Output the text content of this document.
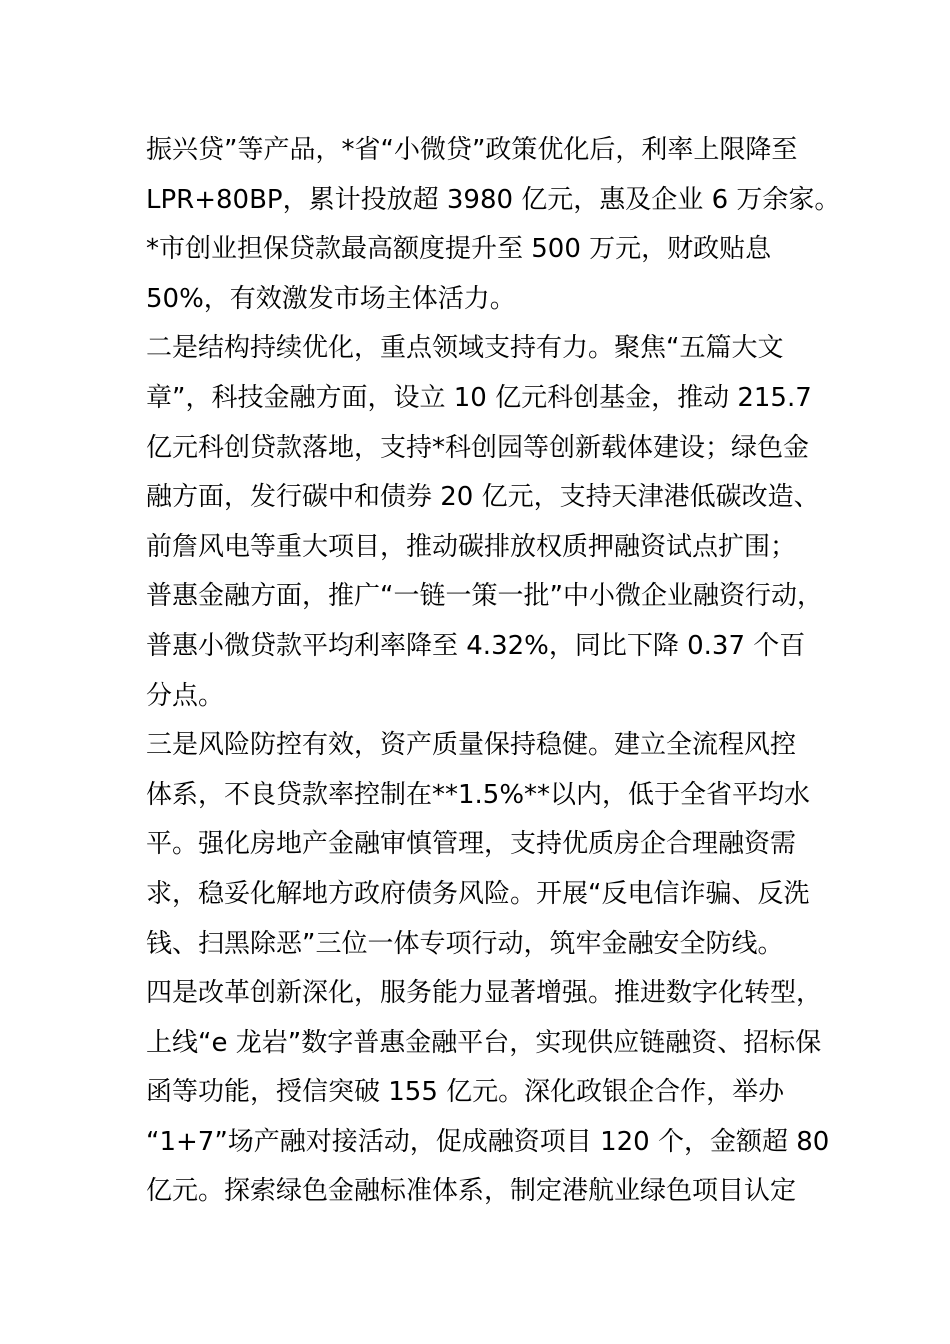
振兴贷”等产品，*省“小微贷”政策优化后，利率上限降至
LPR+80BP，累计投放超 3980 亿元，惠及企业 6 万余家。
*市创业担保贷款最高额度提升至 500 万元，财政贴息
50%，有效激发市场主体活力。
二是结构持续优化，重点领域支持有力。聚焦“五篇大文
章”，科技金融方面，设立 10 亿元科创基金，推动 215.7
亿元科创贷款落地，支持*科创园等创新载体建设；绿色金
融方面，发行碳中和债券 20 亿元，支持天津港低碳改造、
前詹风电等重大项目，推动碳排放权质押融资试点扩围；
普惠金融方面，推广“一链一策一批”中小微企业融资行动，
普惠小微贷款平均利率降至 4.32%，同比下降 0.37 个百
分点。
三是风险防控有效，资产质量保持稳健。建立全流程风控
体系，不良贷款率控制在**1.5%**以内，低于全省平均水
平。强化房地产金融审慎管理，支持优质房企合理融资需
求，稳妥化解地方政府债务风险。开展“反电信诈骗、反洗
钱、扫黑除恶”三位一体专项行动，筑牢金融安全防线。
四是改革创新深化，服务能力显著增强。推进数字化转型，
上线“e 龙岩”数字普惠金融平台，实现供应链融资、招标保
函等功能，授信突破 155 亿元。深化政银企合作，举办
“1+7”场产融对接活动，促成融资项目 120 个，金额超 80
亿元。探索绿色金融标准体系，制定港航业绿色项目认定
